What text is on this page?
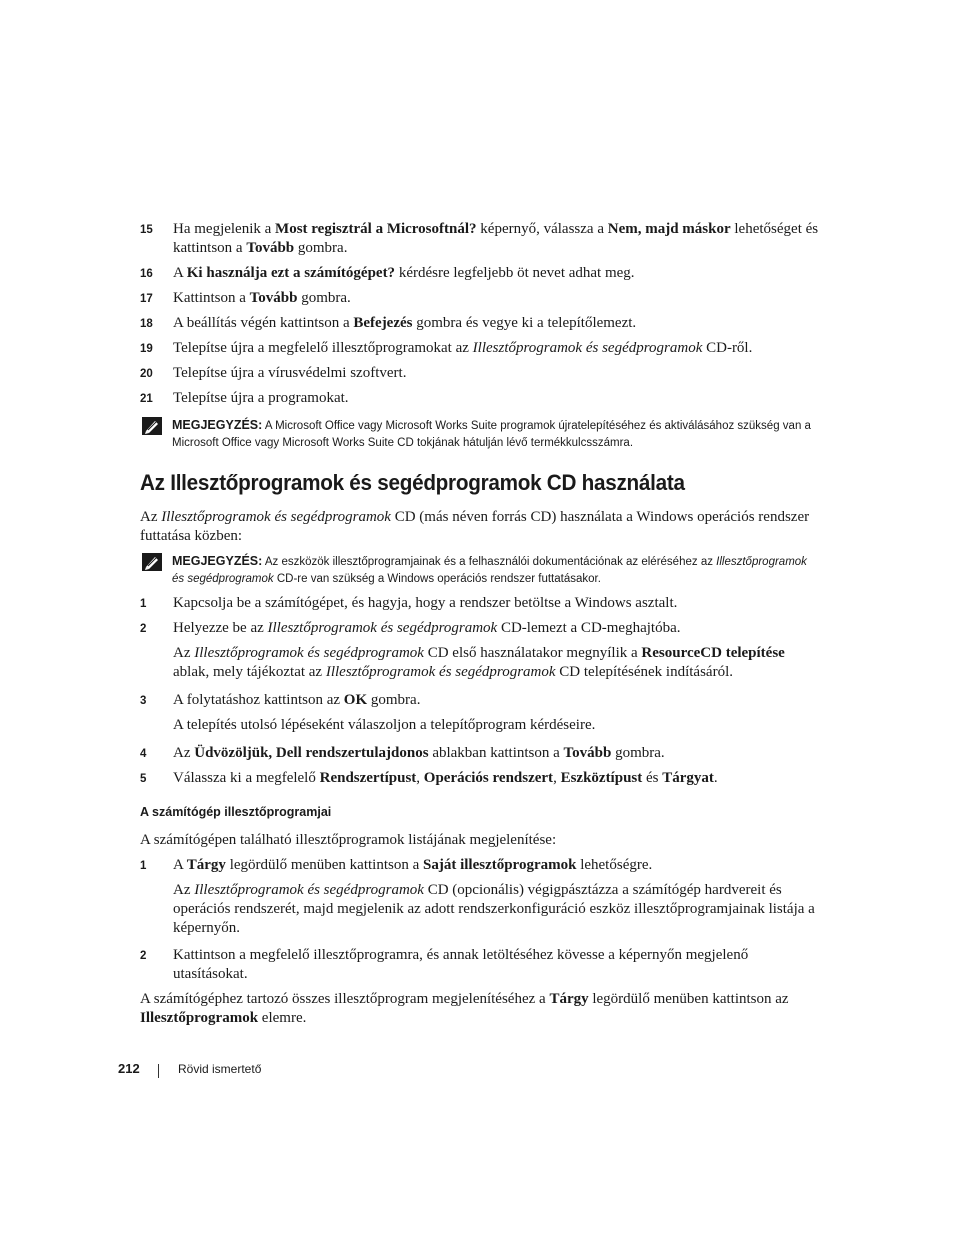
15	Ha megjelenik a Most regisztrál a Microsoftnál? képernyő, válassza a Nem, majd máskor lehetőséget és kattintson a Tovább gombra.
16	A Ki használja ezt a számítógépet? kérdésre legfeljebb öt nevet adhat meg.
17	Kattintson a Tovább gombra.
18	A beállítás végén kattintson a Befejezés gombra és vegye ki a telepítőlemezt.
19	Telepítse újra a megfelelő illesztőprogramokat az Illesztőprogramok és segédprogramok CD-ről.
20	Telepítse újra a vírusvédelmi szoftvert.
21	Telepítse újra a programokat.
MEGJEGYZÉS: A Microsoft Office vagy Microsoft Works Suite programok újratelepítéséhez és aktiválásához szükség van a Microsoft Office vagy Microsoft Works Suite CD tokjának hátulján lévő termékkulcsszámra.
Az Illesztőprogramok és segédprogramok CD használata
Az Illesztőprogramok és segédprogramok CD (más néven forrás CD) használata a Windows operációs rendszer futtatása közben:
MEGJEGYZÉS: Az eszközök illesztőprogramjainak és a felhasználói dokumentációnak az eléréséhez az Illesztőprogramok és segédprogramok CD-re van szükség a Windows operációs rendszer futtatásakor.
1	Kapcsolja be a számítógépet, és hagyja, hogy a rendszer betöltse a Windows asztalt.
2	Helyezze be az Illesztőprogramok és segédprogramok CD-lemezt a CD-meghajtóba.
Az Illesztőprogramok és segédprogramok CD első használatakor megnyílik a ResourceCD telepítése ablak, mely tájékoztat az Illesztőprogramok és segédprogramok CD telepítésének indításáról.
3	A folytatáshoz kattintson az OK gombra.
A telepítés utolsó lépéseként válaszoljon a telepítőprogram kérdéseire.
4	Az Üdvözöljük, Dell rendszertulajdonos ablakban kattintson a Tovább gombra.
5	Válassza ki a megfelelő Rendszertípust, Operációs rendszert, Eszköztípust és Tárgyat.
A számítógép illesztőprogramjai
A számítógépen található illesztőprogramok listájának megjelenítése:
1	A Tárgy legördülő menüben kattintson a Saját illesztőprogramok lehetőségre.
Az Illesztőprogramok és segédprogramok CD (opcionális) végigpásztázza a számítógép hardvereit és operációs rendszerét, majd megjelenik az adott rendszerkonfiguráció eszköz illesztőprogramjainak listája a képernyőn.
2	Kattintson a megfelelő illesztőprogramra, és annak letöltéséhez kövesse a képernyőn megjelenő utasításokat.
A számítógéphez tartozó összes illesztőprogram megjelenítéséhez a Tárgy legördülő menüben kattintson az Illesztőprogramok elemre.
212	Rövid ismertető
